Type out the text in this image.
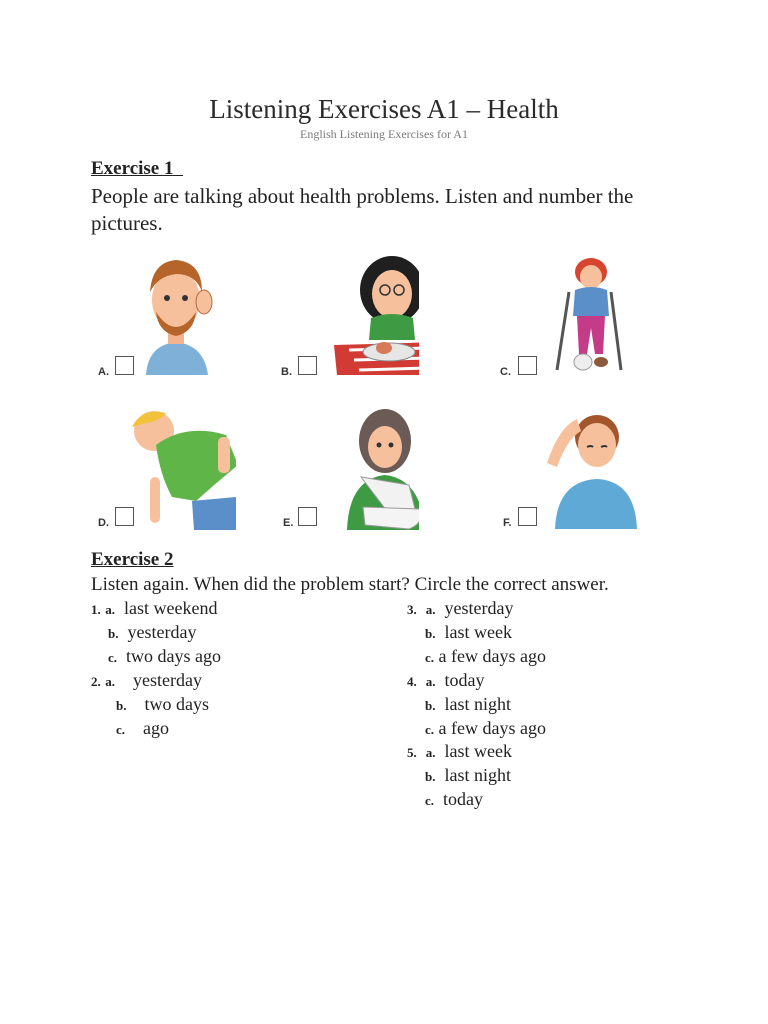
Listening Exercises A1 – Health
English Listening Exercises for A1
Exercise 1
People are talking about health problems. Listen and number the pictures.
A.	B.	C.
D.	E.	F.
Exercise 2
Listen again. When did the problem start? Circle the correct answer.
1. a. last weekend
b. yesterday
c. two days ago
2. a. yesterday
b. two days
c. ago
3. a. yesterday
b. last week
c. a few days ago
4. a. today
b. last night
c. a few days ago
5. a. last week
b. last night
c. today
